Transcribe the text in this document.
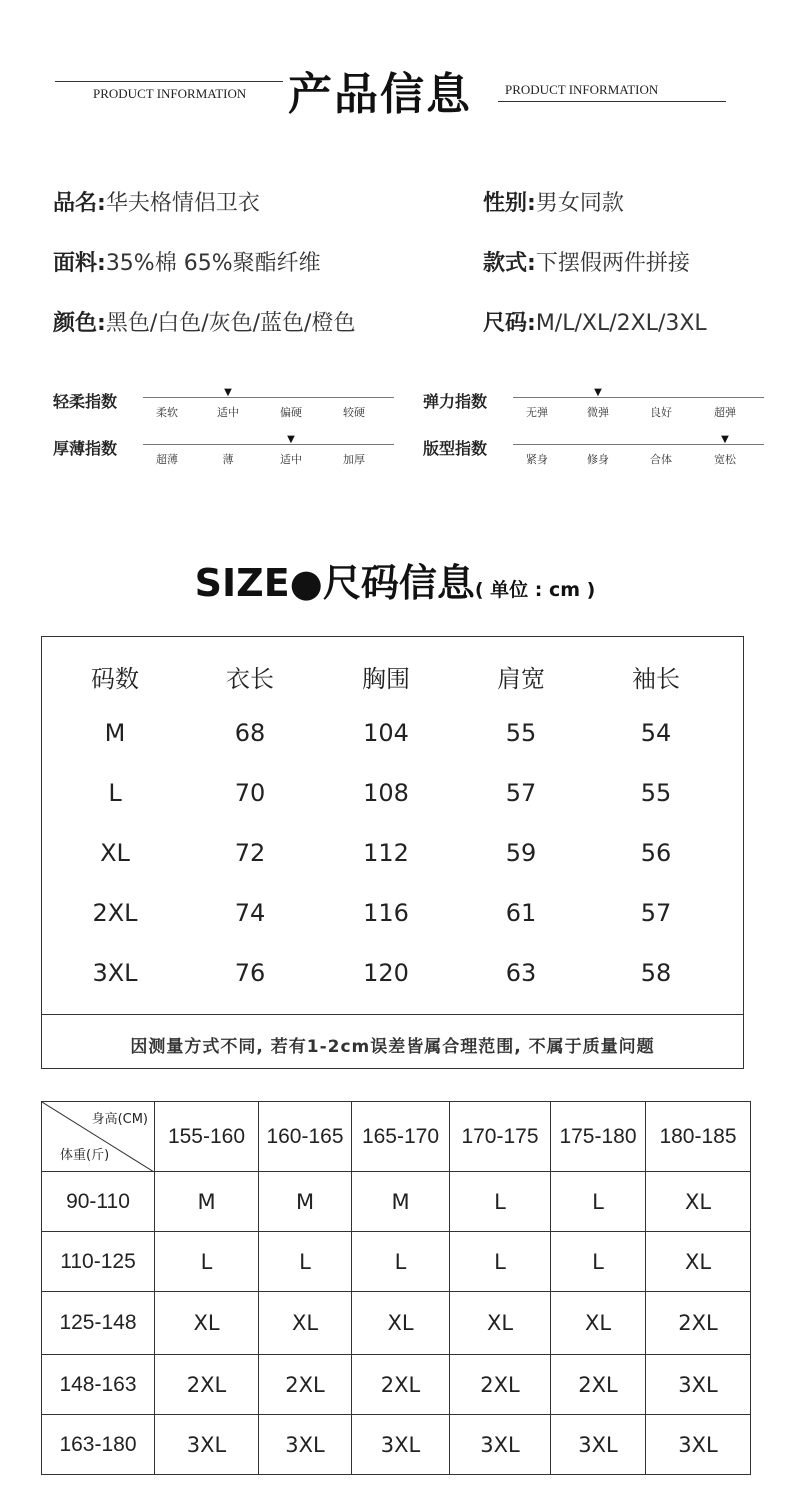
PRODUCT INFORMATION 产品信息	PRODUCT INFORMATION
品名:华夫格情侣卫衣	性别:男女同款
面料:35%棉 65%聚酯纤维	款式:下摆假两件拼接
颜色:黑色/白色/灰色/蓝色/橙色	尺码:M/L/XL/2XL/3XL
轻柔指数
柔软	适中	偏硬	较硬
▼	弹力指数
无弹	微弹	良好	超弹
▼
厚薄指数
超薄	薄	适中	加厚
▼	版型指数
紧身	修身	合体	宽松
▼
SIZE●尺码信息( 单位 : cm )
因测量方式不同, 若有1-2cm误差皆属合理范围, 不属于质量问题
码数	衣长	胸围	肩宽	袖长
M	68	104	55	54
L	70	108	57	55
XL	72	112	59	56
2XL	74	116	61	57
3XL	76	120	63	58
身高(CM)
体重(斤)	155-160	160-165	165-170	170-175	175-180	180-185
90-110	M	M	M	L	L	XL
110-125	L	L	L	L	L	XL
125-148	XL	XL	XL	XL	XL	2XL
148-163	2XL	2XL	2XL	2XL	2XL	3XL
163-180	3XL	3XL	3XL	3XL	3XL	3XL
